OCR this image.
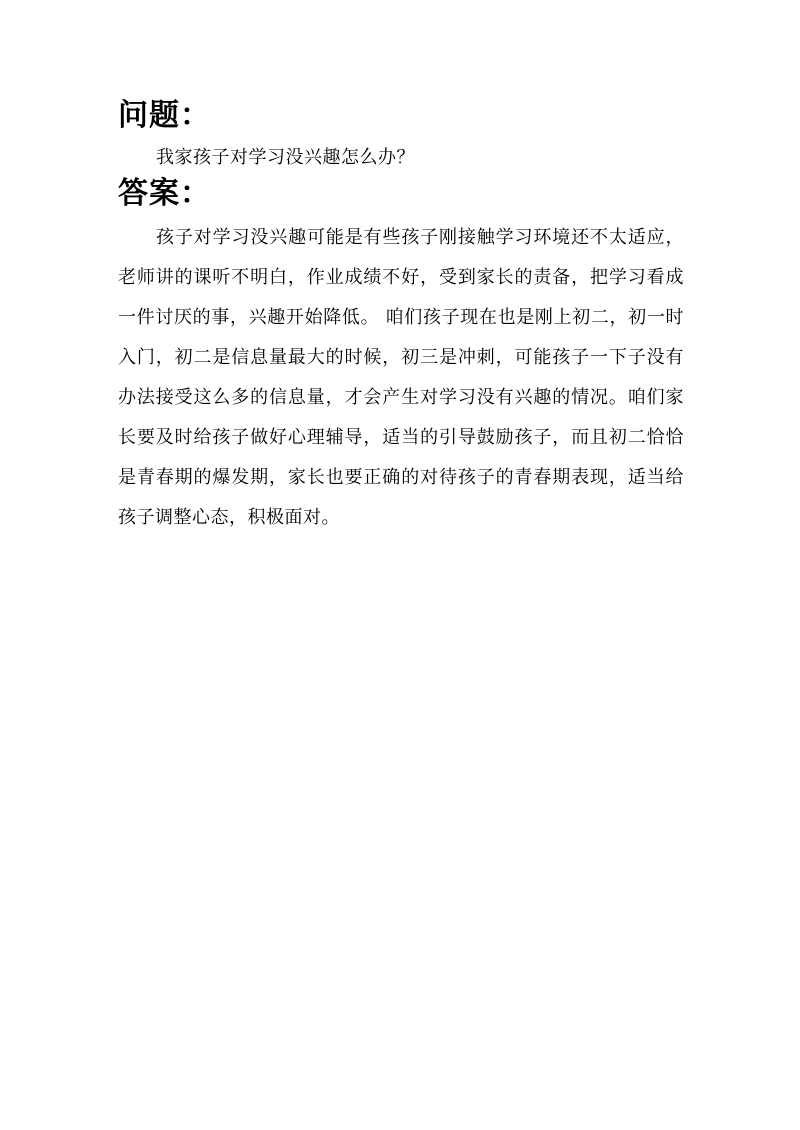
问题：

我家孩子对学习没兴趣怎么办？

答案：

孩子对学习没兴趣可能是有些孩子刚接触学习环境还不太适应，老师讲的课听不明白，作业成绩不好，受到家长的责备，把学习看成一件讨厌的事，兴趣开始降低。 咱们孩子现在也是刚上初二，初一时入门，初二是信息量最大的时候，初三是冲刺，可能孩子一下子没有办法接受这么多的信息量，才会产生对学习没有兴趣的情况。咱们家长要及时给孩子做好心理辅导，适当的引导鼓励孩子，而且初二恰恰是青春期的爆发期，家长也要正确的对待孩子的青春期表现，适当给孩子调整心态，积极面对。
